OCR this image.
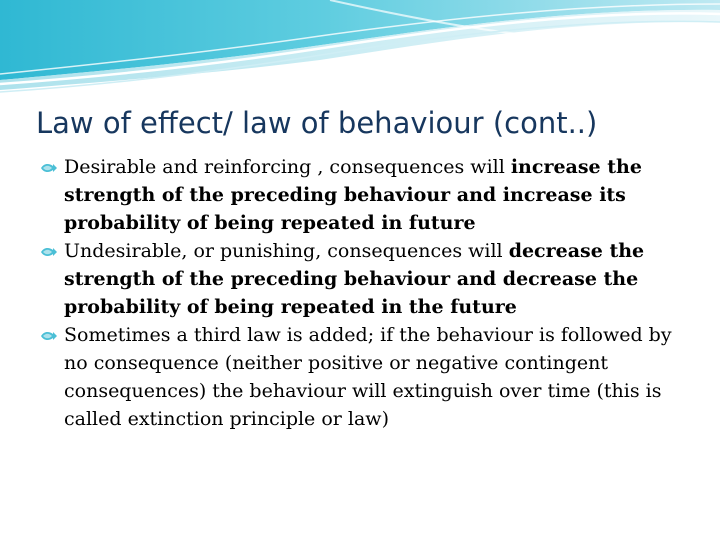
Law of effect/ law of behaviour (cont..)
Desirable and reinforcing , consequences will increase the strength of the preceding behaviour and increase its probability of being repeated in future
Undesirable, or punishing, consequences will decrease the strength of the preceding behaviour and decrease the probability of being repeated in the future
Sometimes a third law is added; if the behaviour is followed by no consequence (neither positive or negative contingent consequences) the behaviour will extinguish over time (this is called extinction principle or law)
